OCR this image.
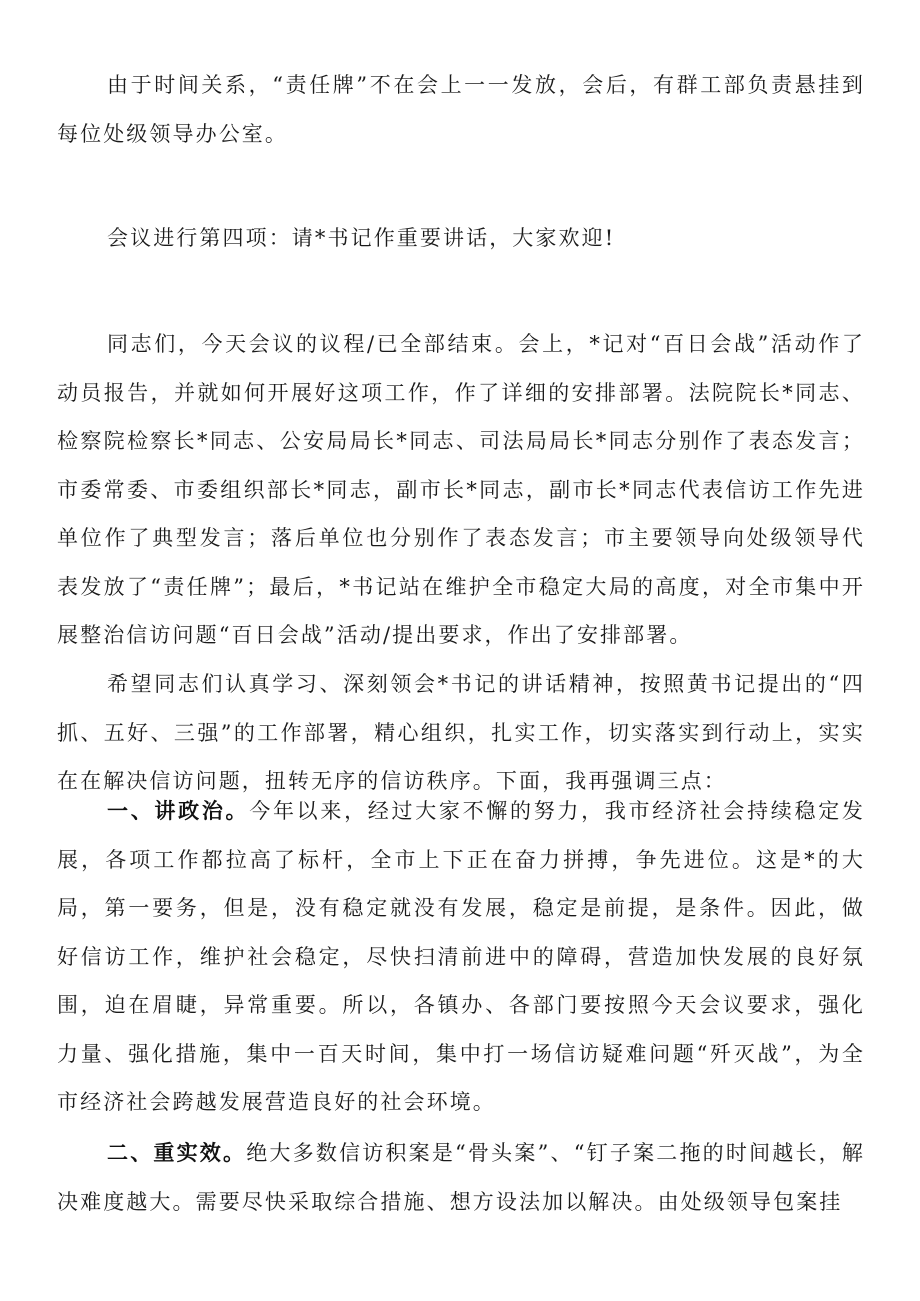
由于时间关系，“责任牌”不在会上一一发放，会后，有群工部负责悬挂到每位处级领导办公室。

会议进行第四项：请*书记作重要讲话，大家欢迎!

同志们，今天会议的议程/已全部结束。会上，*记对“百日会战”活动作了动员报告，并就如何开展好这项工作，作了详细的安排部署。法院院长*同志、检察院检察长*同志、公安局局长*同志、司法局局长*同志分别作了表态发言；市委常委、市委组织部长*同志，副市长*同志，副市长*同志代表信访工作先进单位作了典型发言；落后单位也分别作了表态发言；市主要领导向处级领导代表发放了“责任牌”；最后，*书记站在维护全市稳定大局的高度，对全市集中开展整治信访问题“百日会战”活动/提出要求，作出了安排部署。

希望同志们认真学习、深刻领会*书记的讲话精神，按照黄书记提出的“四抓、五好、三强”的工作部署，精心组织，扎实工作，切实落实到行动上，实实在在解决信访问题，扭转无序的信访秩序。下面，我再强调三点：

一、讲政治。今年以来，经过大家不懈的努力，我市经济社会持续稳定发展，各项工作都拉高了标杆，全市上下正在奋力拼搏，争先进位。这是*的大局，第一要务，但是，没有稳定就没有发展，稳定是前提，是条件。因此，做好信访工作，维护社会稳定，尽快扫清前进中的障碍，营造加快发展的良好氛围，迫在眉睫，异常重要。所以，各镇办、各部门要按照今天会议要求，强化力量、强化措施，集中一百天时间，集中打一场信访疑难问题“歼灭战”，为全市经济社会跨越发展营造良好的社会环境。

二、重实效。绝大多数信访积案是“骨头案”、“钉子案二拖的时间越长，解决难度越大。需要尽快采取综合措施、想方设法加以解决。由处级领导包案挂
